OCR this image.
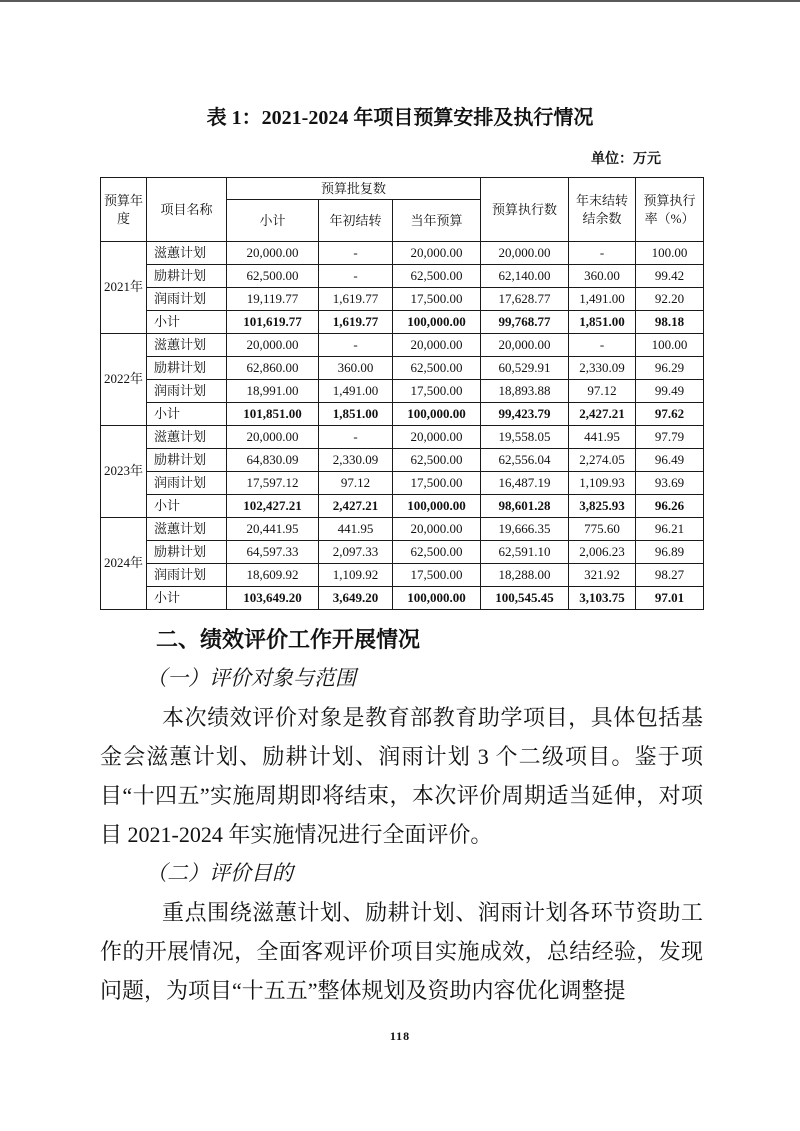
表 1：2021-2024 年项目预算安排及执行情况
单位：万元
预算年度	项目名称	预算批复数			预算执行数	年末结转结余数	预算执行率（%）
		小计	年初结转	当年预算			
2021年	滋蕙计划	20,000.00	-	20,000.00	20,000.00	-	100.00
	励耕计划	62,500.00	-	62,500.00	62,140.00	360.00	99.42
	润雨计划	19,119.77	1,619.77	17,500.00	17,628.77	1,491.00	92.20
	小计	101,619.77	1,619.77	100,000.00	99,768.77	1,851.00	98.18
2022年	滋蕙计划	20,000.00	-	20,000.00	20,000.00	-	100.00
	励耕计划	62,860.00	360.00	62,500.00	60,529.91	2,330.09	96.29
	润雨计划	18,991.00	1,491.00	17,500.00	18,893.88	97.12	99.49
	小计	101,851.00	1,851.00	100,000.00	99,423.79	2,427.21	97.62
2023年	滋蕙计划	20,000.00	-	20,000.00	19,558.05	441.95	97.79
	励耕计划	64,830.09	2,330.09	62,500.00	62,556.04	2,274.05	96.49
	润雨计划	17,597.12	97.12	17,500.00	16,487.19	1,109.93	93.69
	小计	102,427.21	2,427.21	100,000.00	98,601.28	3,825.93	96.26
2024年	滋蕙计划	20,441.95	441.95	20,000.00	19,666.35	775.60	96.21
	励耕计划	64,597.33	2,097.33	62,500.00	62,591.10	2,006.23	96.89
	润雨计划	18,609.92	1,109.92	17,500.00	18,288.00	321.92	98.27
	小计	103,649.20	3,649.20	100,000.00	100,545.45	3,103.75	97.01
二、绩效评价工作开展情况
（一）评价对象与范围

本次绩效评价对象是教育部教育助学项目，具体包括基金会滋蕙计划、励耕计划、润雨计划 3 个二级项目。鉴于项目“十四五”实施周期即将结束，本次评价周期适当延伸，对项目 2021-2024 年实施情况进行全面评价。

（二）评价目的

重点围绕滋蕙计划、励耕计划、润雨计划各环节资助工作的开展情况，全面客观评价项目实施成效，总结经验，发现问题，为项目“十五五”整体规划及资助内容优化调整提

118
